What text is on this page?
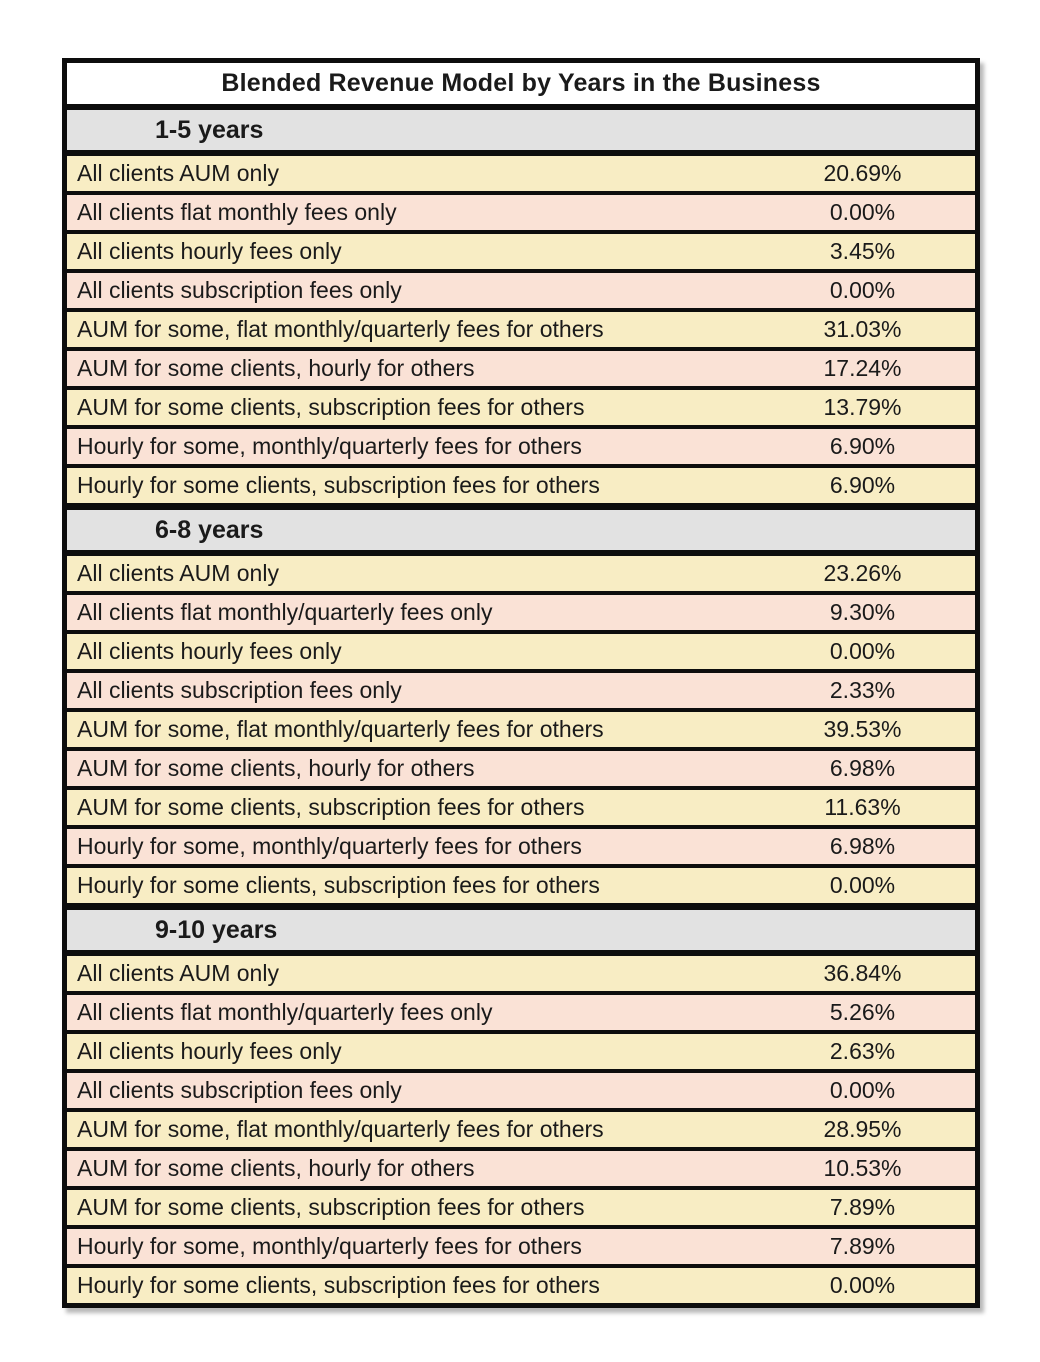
Blended Revenue Model by Years in the Business
1-5 years
All clients AUM only	20.69%
All clients flat monthly fees only	0.00%
All clients hourly fees only	3.45%
All clients subscription fees only	0.00%
AUM for some, flat monthly/quarterly fees for others	31.03%
AUM for some clients, hourly for others	17.24%
AUM for some clients, subscription fees for others	13.79%
Hourly for some, monthly/quarterly fees for others	6.90%
Hourly for some clients, subscription fees for others	6.90%
6-8 years
All clients AUM only	23.26%
All clients flat monthly/quarterly fees only	9.30%
All clients hourly fees only	0.00%
All clients subscription fees only	2.33%
AUM for some, flat monthly/quarterly fees for others	39.53%
AUM for some clients, hourly for others	6.98%
AUM for some clients, subscription fees for others	11.63%
Hourly for some, monthly/quarterly fees for others	6.98%
Hourly for some clients, subscription fees for others	0.00%
9-10 years
All clients AUM only	36.84%
All clients flat monthly/quarterly fees only	5.26%
All clients hourly fees only	2.63%
All clients subscription fees only	0.00%
AUM for some, flat monthly/quarterly fees for others	28.95%
AUM for some clients, hourly for others	10.53%
AUM for some clients, subscription fees for others	7.89%
Hourly for some, monthly/quarterly fees for others	7.89%
Hourly for some clients, subscription fees for others	0.00%
